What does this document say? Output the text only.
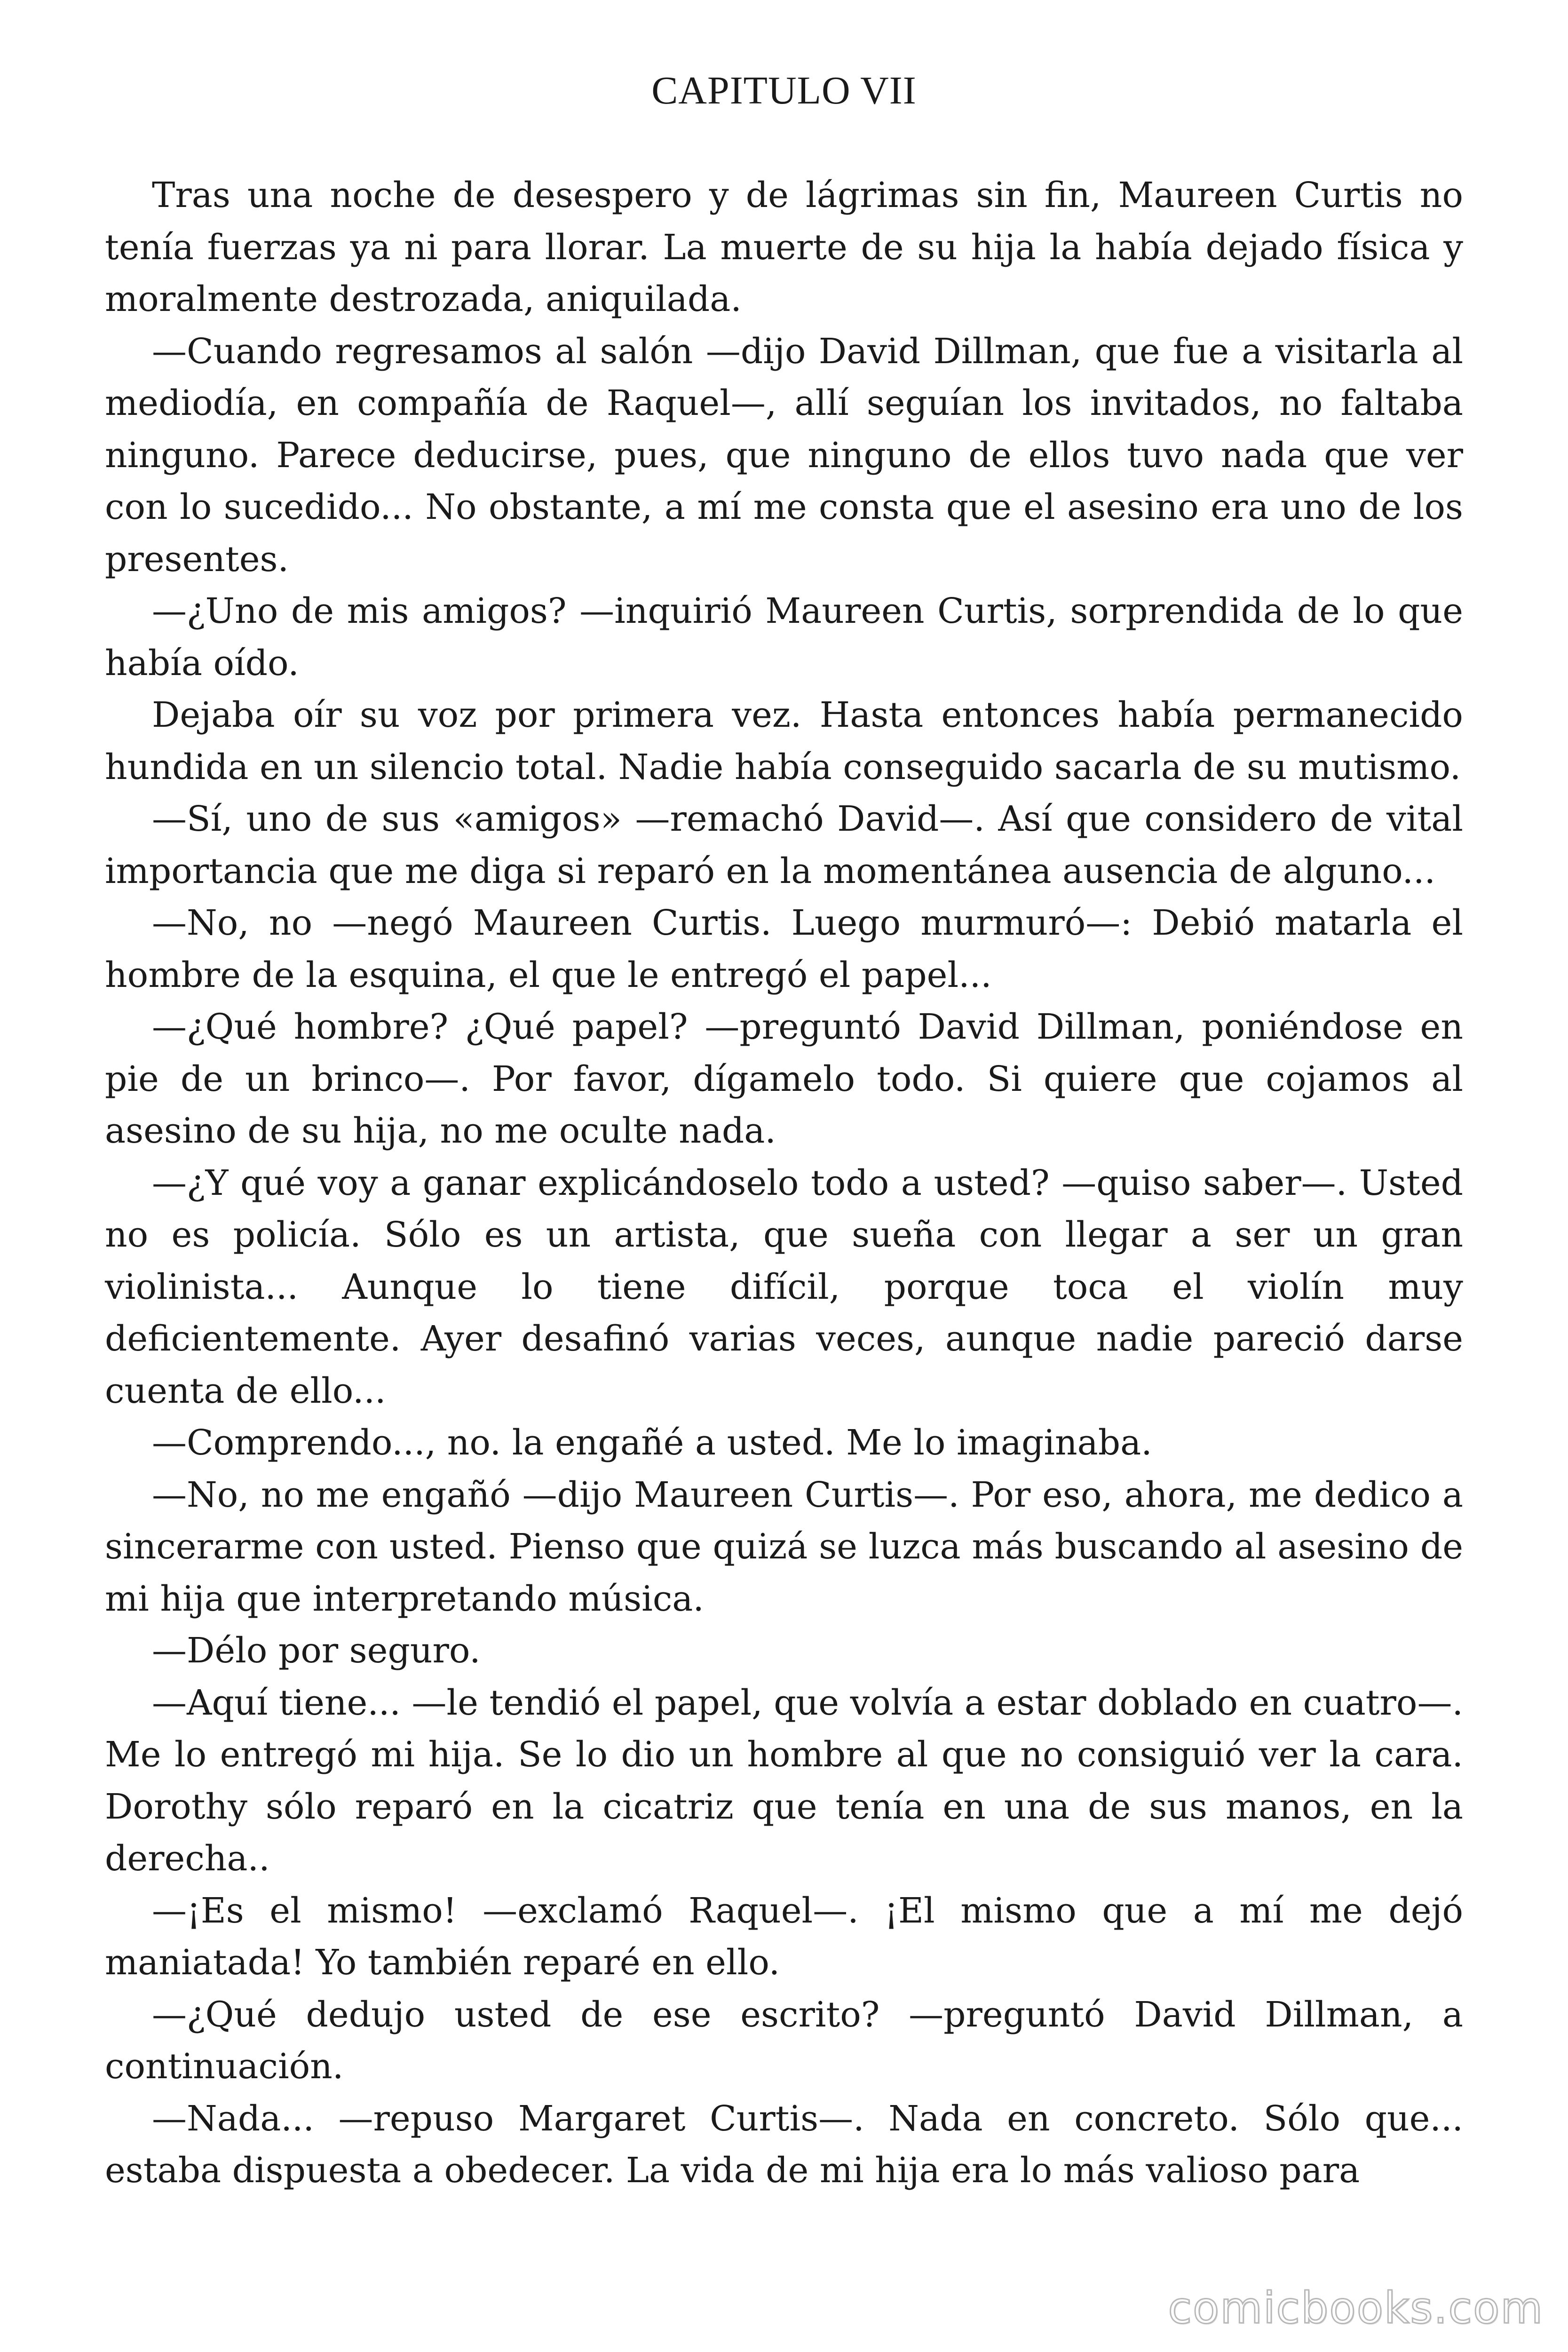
CAPITULO VII

Tras una noche de desespero y de lágrimas sin fin, Maureen Curtis no tenía fuerzas ya ni para llorar. La muerte de su hija la había dejado física y moralmente destrozada, aniquilada.

—Cuando regresamos al salón —dijo David Dillman, que fue a visitarla al mediodía, en compañía de Raquel—, allí seguían los invitados, no faltaba ninguno. Parece deducirse, pues, que ninguno de ellos tuvo nada que ver con lo sucedido... No obstante, a mí me consta que el asesino era uno de los presentes.

—¿Uno de mis amigos? —inquirió Maureen Curtis, sorprendida de lo que había oído.

Dejaba oír su voz por primera vez. Hasta entonces había permanecido hundida en un silencio total. Nadie había conseguido sacarla de su mutismo.

—Sí, uno de sus «amigos» —remachó David—. Así que considero de vital importancia que me diga si reparó en la momentánea ausencia de alguno...

—No, no —negó Maureen Curtis. Luego murmuró—: Debió matarla el hombre de la esquina, el que le entregó el papel...

—¿Qué hombre? ¿Qué papel? —preguntó David Dillman, poniéndose en pie de un brinco—. Por favor, dígamelo todo. Si quiere que cojamos al asesino de su hija, no me oculte nada.

—¿Y qué voy a ganar explicándoselo todo a usted? —quiso saber—. Usted no es policía. Sólo es un artista, que sueña con llegar a ser un gran violinista... Aunque lo tiene difícil, porque toca el violín muy deficientemente. Ayer desafinó varias veces, aunque nadie pareció darse cuenta de ello...

—Comprendo..., no. la engañé a usted. Me lo imaginaba.

—No, no me engañó —dijo Maureen Curtis—. Por eso, ahora, me dedico a sincerarme con usted. Pienso que quizá se luzca más buscando al asesino de mi hija que interpretando música.

—Délo por seguro.

—Aquí tiene... —le tendió el papel, que volvía a estar doblado en cuatro—. Me lo entregó mi hija. Se lo dio un hombre al que no consiguió ver la cara. Dorothy sólo reparó en la cicatriz que tenía en una de sus manos, en la derecha..

—¡Es el mismo! —exclamó Raquel—. ¡El mismo que a mí me dejó maniatada! Yo también reparé en ello.

—¿Qué dedujo usted de ese escrito? —preguntó David Dillman, a continuación.

—Nada... —repuso Margaret Curtis—. Nada en concreto. Sólo que... estaba dispuesta a obedecer. La vida de mi hija era lo más valioso para

comicbooks.com
